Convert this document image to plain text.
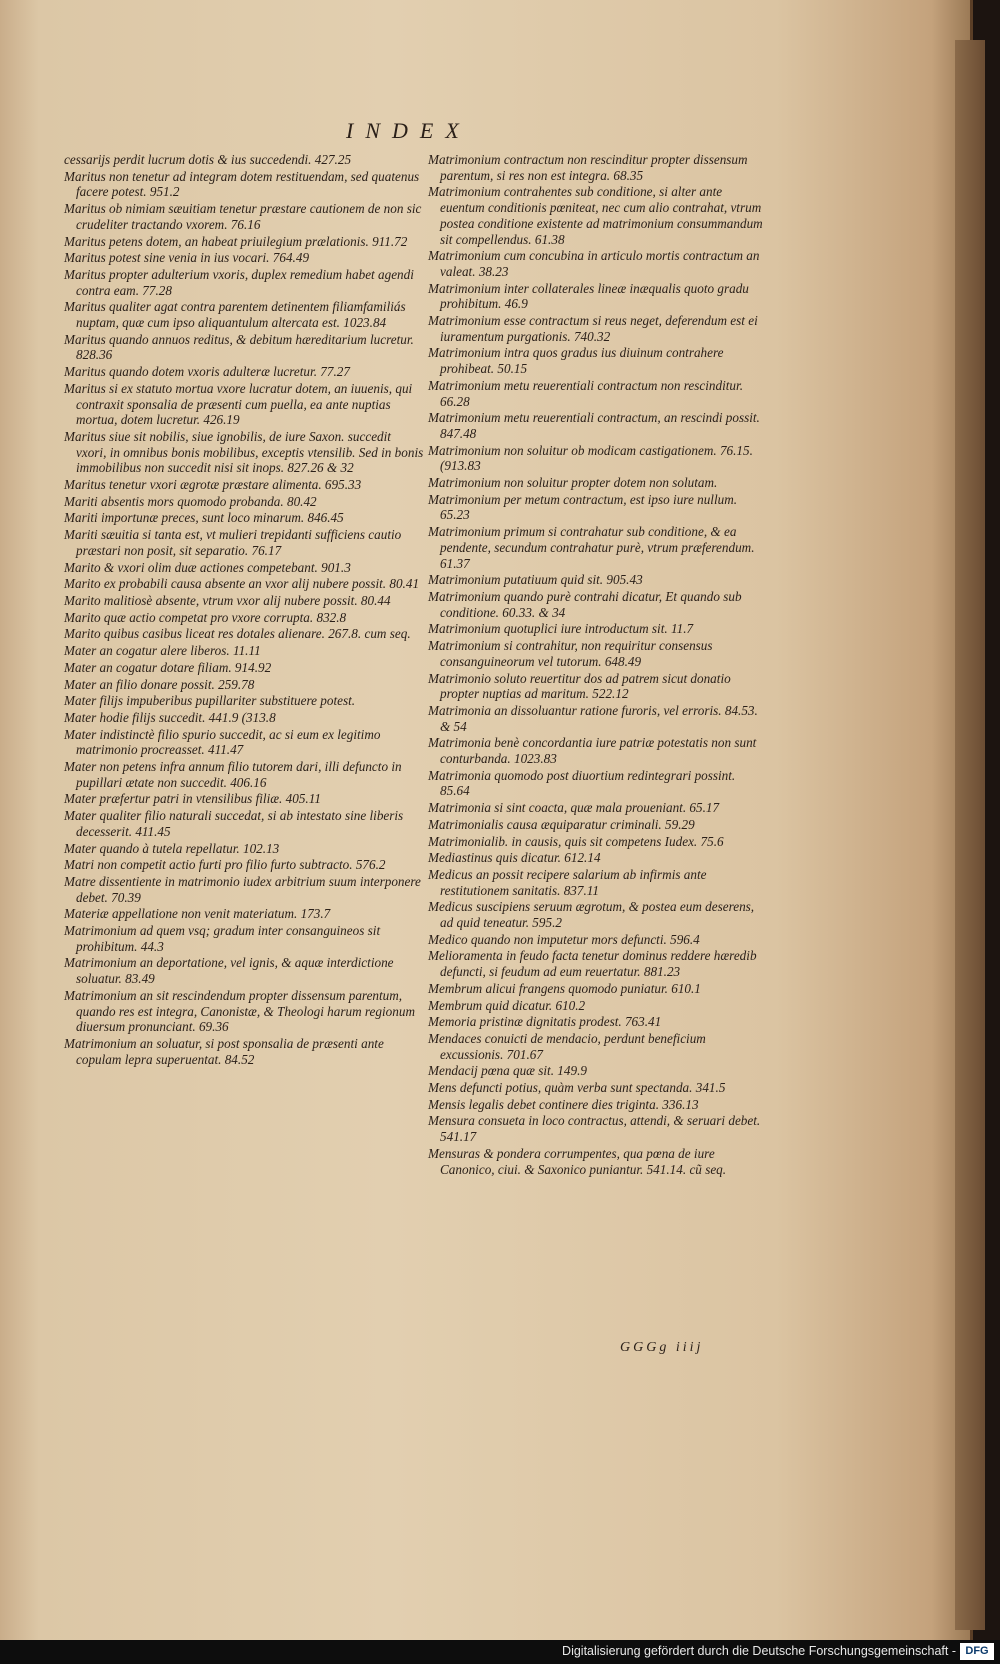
INDEX
cessarijs perdit lucrum dotis & ius succedendi. 427.25
Maritus non tenetur ad integram dotem restituendam, sed quatenus facere potest. 951.2
Maritus ob nimiam sæuitiam tenetur præstare cautionem de non sic crudeliter tractando vxorem. 76.16
Maritus petens dotem, an habeat priuilegium prælationis. 911.72
Maritus potest sine venia in ius vocari. 764.49
Maritus propter adulterium vxoris, duplex remedium habet agendi contra eam. 77.28
Maritus qualiter agat contra parentem detinentem filiamfamiliás nuptam, quæ cum ipso aliquantulum altercata est. 1023.84
Maritus quando annuos reditus, & debitum hæreditarium lucretur. 828.36
Maritus quando dotem vxoris adulteræ lucretur. 77.27
Maritus si ex statuto mortua vxore lucratur dotem, an iuuenis, qui contraxit sponsalia de præsenti cum puella, ea ante nuptias mortua, dotem lucretur. 426.19
Maritus siue sit nobilis, siue ignobilis, de iure Saxon. succedit vxori, in omnibus bonis mobilibus, exceptis vtensilib. Sed in bonis immobilibus non succedit nisi sit inops. 827.26 & 32
Maritus tenetur vxori ægrotæ præstare alimenta. 695.33
Mariti absentis mors quomodo probanda. 80.42
Mariti importunæ preces, sunt loco minarum. 846.45
Mariti sæuitia si tanta est, vt mulieri trepidanti sufficiens cautio præstari non posit, sit separatio. 76.17
Marito & vxori olim duæ actiones competebant. 901.3
Marito ex probabili causa absente an vxor alij nubere possit. 80.41
Marito malitiosè absente, vtrum vxor alij nubere possit. 80.44
Marito quæ actio competat pro vxore corrupta. 832.8
Marito quibus casibus liceat res dotales alienare. 267.8. cum seq.
Mater an cogatur alere liberos. 11.11
Mater an cogatur dotare filiam. 914.92
Mater an filio donare possit. 259.78
Mater filijs impuberibus pupillariter substituere potest.
Mater hodie filijs succedit. 441.9 (313.8
Mater indistinctè filio spurio succedit, ac si eum ex legitimo matrimonio procreasset. 411.47
Mater non petens infra annum filio tutorem dari, illi defuncto in pupillari ætate non succedit. 406.16
Mater præfertur patri in vtensilibus filiæ. 405.11
Mater qualiter filio naturali succedat, si ab intestato sine liberis decesserit. 411.45
Mater quando à tutela repellatur. 102.13
Matri non competit actio furti pro filio furto subtracto. 576.2
Matre dissentiente in matrimonio iudex arbitrium suum interponere debet. 70.39
Materiæ appellatione non venit materiatum. 173.7
Matrimonium ad quem vsq; gradum inter consanguineos sit prohibitum. 44.3
Matrimonium an deportatione, vel ignis, & aquæ interdictione soluatur. 83.49
Matrimonium an sit rescindendum propter dissensum parentum, quando res est integra, Canonistæ, & Theologi harum regionum diuersum pronunciant. 69.36
Matrimonium an soluatur, si post sponsalia de præsenti ante copulam lepra superuentat. 84.52
Matrimonium contractum non rescinditur propter dissensum parentum, si res non est integra. 68.35
Matrimonium contrahentes sub conditione, si alter ante euentum conditionis pœniteat, nec cum alio contrahat, vtrum postea conditione existente ad matrimonium consummandum sit compellendus. 61.38
Matrimonium cum concubina in articulo mortis contractum an valeat. 38.23
Matrimonium inter collaterales lineæ inæqualis quoto gradu prohibitum. 46.9
Matrimonium esse contractum si reus neget, deferendum est ei iuramentum purgationis. 740.32
Matrimonium intra quos gradus ius diuinum contrahere prohibeat. 50.15
Matrimonium metu reuerentiali contractum non rescinditur. 66.28
Matrimonium metu reuerentiali contractum, an rescindi possit. 847.48
Matrimonium non soluitur ob modicam castigationem. 76.15. (913.83
Matrimonium non soluitur propter dotem non solutam.
Matrimonium per metum contractum, est ipso iure nullum. 65.23
Matrimonium primum si contrahatur sub conditione, & ea pendente, secundum contrahatur purè, vtrum præferendum. 61.37
Matrimonium putatiuum quid sit. 905.43
Matrimonium quando purè contrahi dicatur, Et quando sub conditione. 60.33. & 34
Matrimonium quotuplici iure introductum sit. 11.7
Matrimonium si contrahitur, non requiritur consensus consanguineorum vel tutorum. 648.49
Matrimonio soluto reuertitur dos ad patrem sicut donatio propter nuptias ad maritum. 522.12
Matrimonia an dissoluantur ratione furoris, vel erroris. 84.53. & 54
Matrimonia benè concordantia iure patriæ potestatis non sunt conturbanda. 1023.83
Matrimonia quomodo post diuortium redintegrari possint. 85.64
Matrimonia si sint coacta, quæ mala proueniant. 65.17
Matrimonialis causa æquiparatur criminali. 59.29
Matrimonialib. in causis, quis sit competens Iudex. 75.6
Mediastinus quis dicatur. 612.14
Medicus an possit recipere salarium ab infirmis ante restitutionem sanitatis. 837.11
Medicus suscipiens seruum ægrotum, & postea eum deserens, ad quid teneatur. 595.2
Medico quando non imputetur mors defuncti. 596.4
Melioramenta in feudo facta tenetur dominus reddere hæredib defuncti, si feudum ad eum reuertatur. 881.23
Membrum alicui frangens quomodo puniatur. 610.1
Membrum quid dicatur. 610.2
Memoria pristinæ dignitatis prodest. 763.41
Mendaces conuicti de mendacio, perdunt beneficium excussionis. 701.67
Mendacij pœna quæ sit. 149.9
Mens defuncti potius, quàm verba sunt spectanda. 341.5
Mensis legalis debet continere dies triginta. 336.13
Mensura consueta in loco contractus, attendi, & seruari debet. 541.17
Mensuras & pondera corrumpentes, qua pœna de iure Canonico, ciui. & Saxonico puniantur. 541.14. cũ seq.
GGGg iiij
Digitalisierung gefördert durch die Deutsche Forschungsgemeinschaft - DFG
